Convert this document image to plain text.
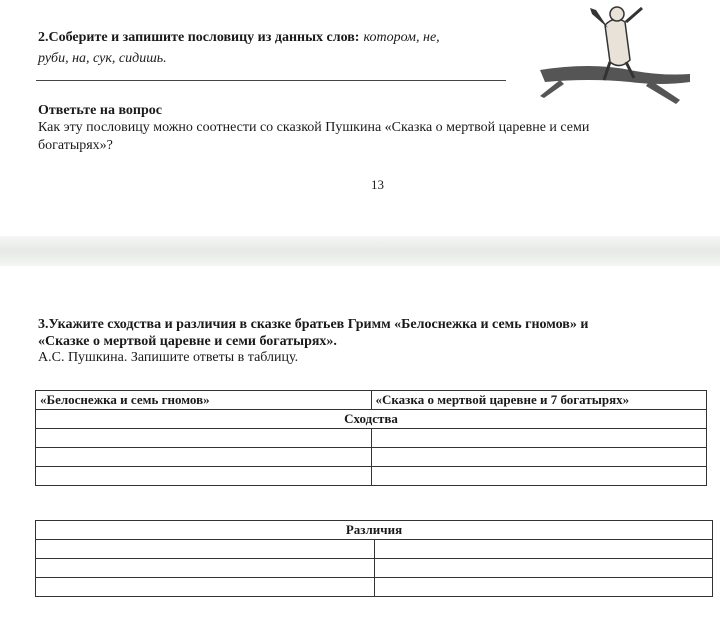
2.Соберите и запишите пословицу из данных слов: котором, не,
руби, на, сук, сидишь.
Ответьте на вопрос
Как эту пословицу можно соотнести со сказкой Пушкина «Сказка о мертвой царевне и семи
богатырях»?
13
3.Укажите сходства и различия в сказке братьев Гримм «Белоснежка и семь гномов» и
«Сказке о мертвой царевне и семи богатырях».
А.С. Пушкина. Запишите ответы в таблицу.
«Белоснежка и семь гномов»	«Сказка о мертвой царевне и 7 богатырях»
Сходства	

Различия	
